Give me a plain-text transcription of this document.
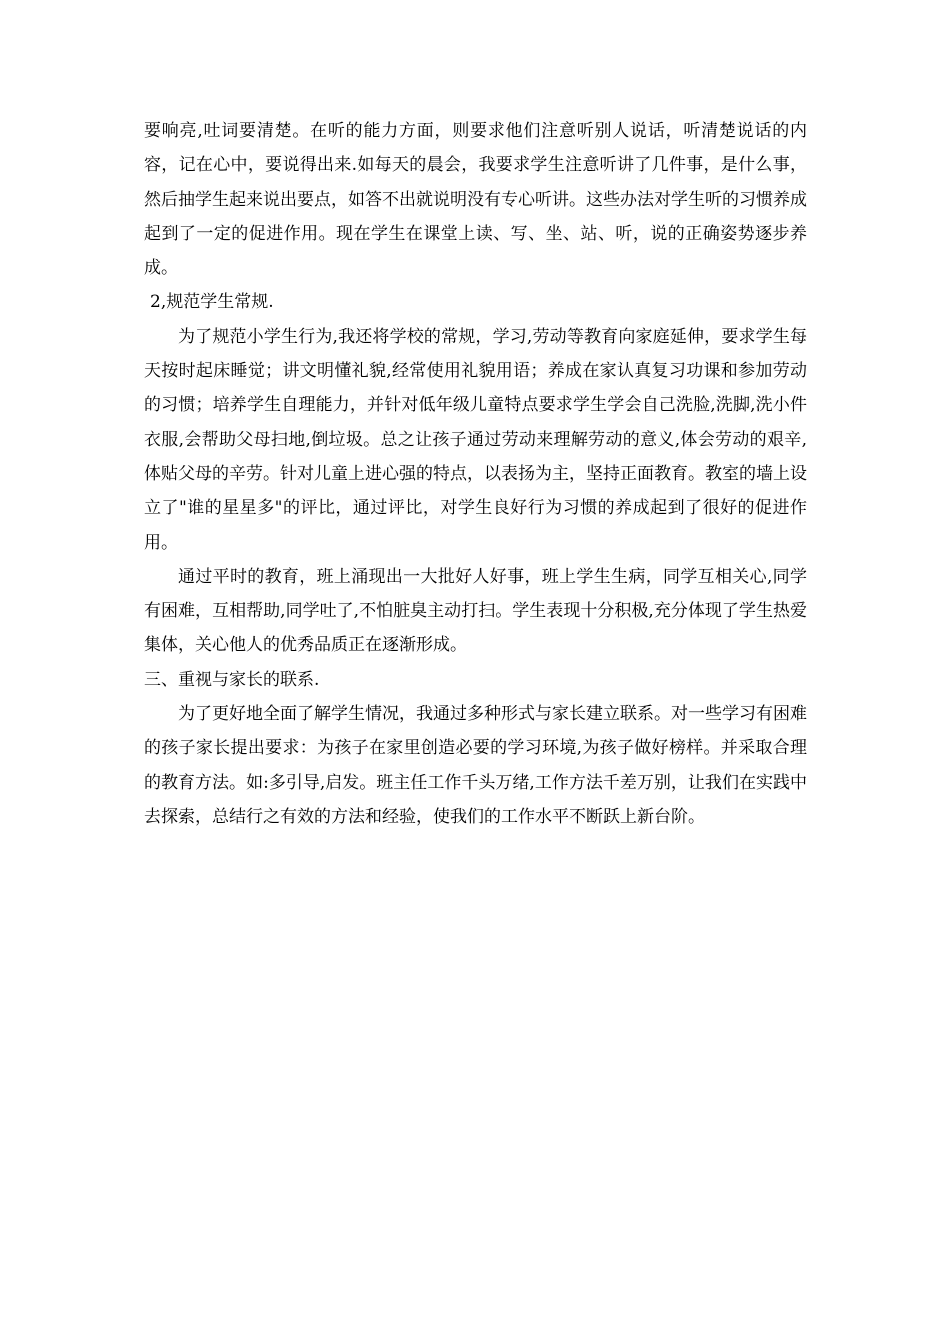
要响亮,吐词要清楚。在听的能力方面，则要求他们注意听别人说话，听清楚说话的内容，记在心中，要说得出来.如每天的晨会，我要求学生注意听讲了几件事，是什么事，然后抽学生起来说出要点，如答不出就说明没有专心听讲。这些办法对学生听的习惯养成起到了一定的促进作用。现在学生在课堂上读、写、坐、站、听，说的正确姿势逐步养成。

2,规范学生常规.

为了规范小学生行为,我还将学校的常规，学习,劳动等教育向家庭延伸，要求学生每天按时起床睡觉；讲文明懂礼貌,经常使用礼貌用语；养成在家认真复习功课和参加劳动的习惯；培养学生自理能力，并针对低年级儿童特点要求学生学会自己洗脸,洗脚,洗小件衣服,会帮助父母扫地,倒垃圾。总之让孩子通过劳动来理解劳动的意义,体会劳动的艰辛,体贴父母的辛劳。针对儿童上进心强的特点，以表扬为主，坚持正面教育。教室的墙上设立了"谁的星星多"的评比，通过评比，对学生良好行为习惯的养成起到了很好的促进作用。

通过平时的教育，班上涌现出一大批好人好事，班上学生生病，同学互相关心,同学有困难，互相帮助,同学吐了,不怕脏臭主动打扫。学生表现十分积极,充分体现了学生热爱集体，关心他人的优秀品质正在逐渐形成。

三、重视与家长的联系.

为了更好地全面了解学生情况，我通过多种形式与家长建立联系。对一些学习有困难的孩子家长提出要求：为孩子在家里创造必要的学习环境,为孩子做好榜样。并采取合理的教育方法。如:多引导,启发。班主任工作千头万绪,工作方法千差万别，让我们在实践中去探索，总结行之有效的方法和经验，使我们的工作水平不断跃上新台阶。
